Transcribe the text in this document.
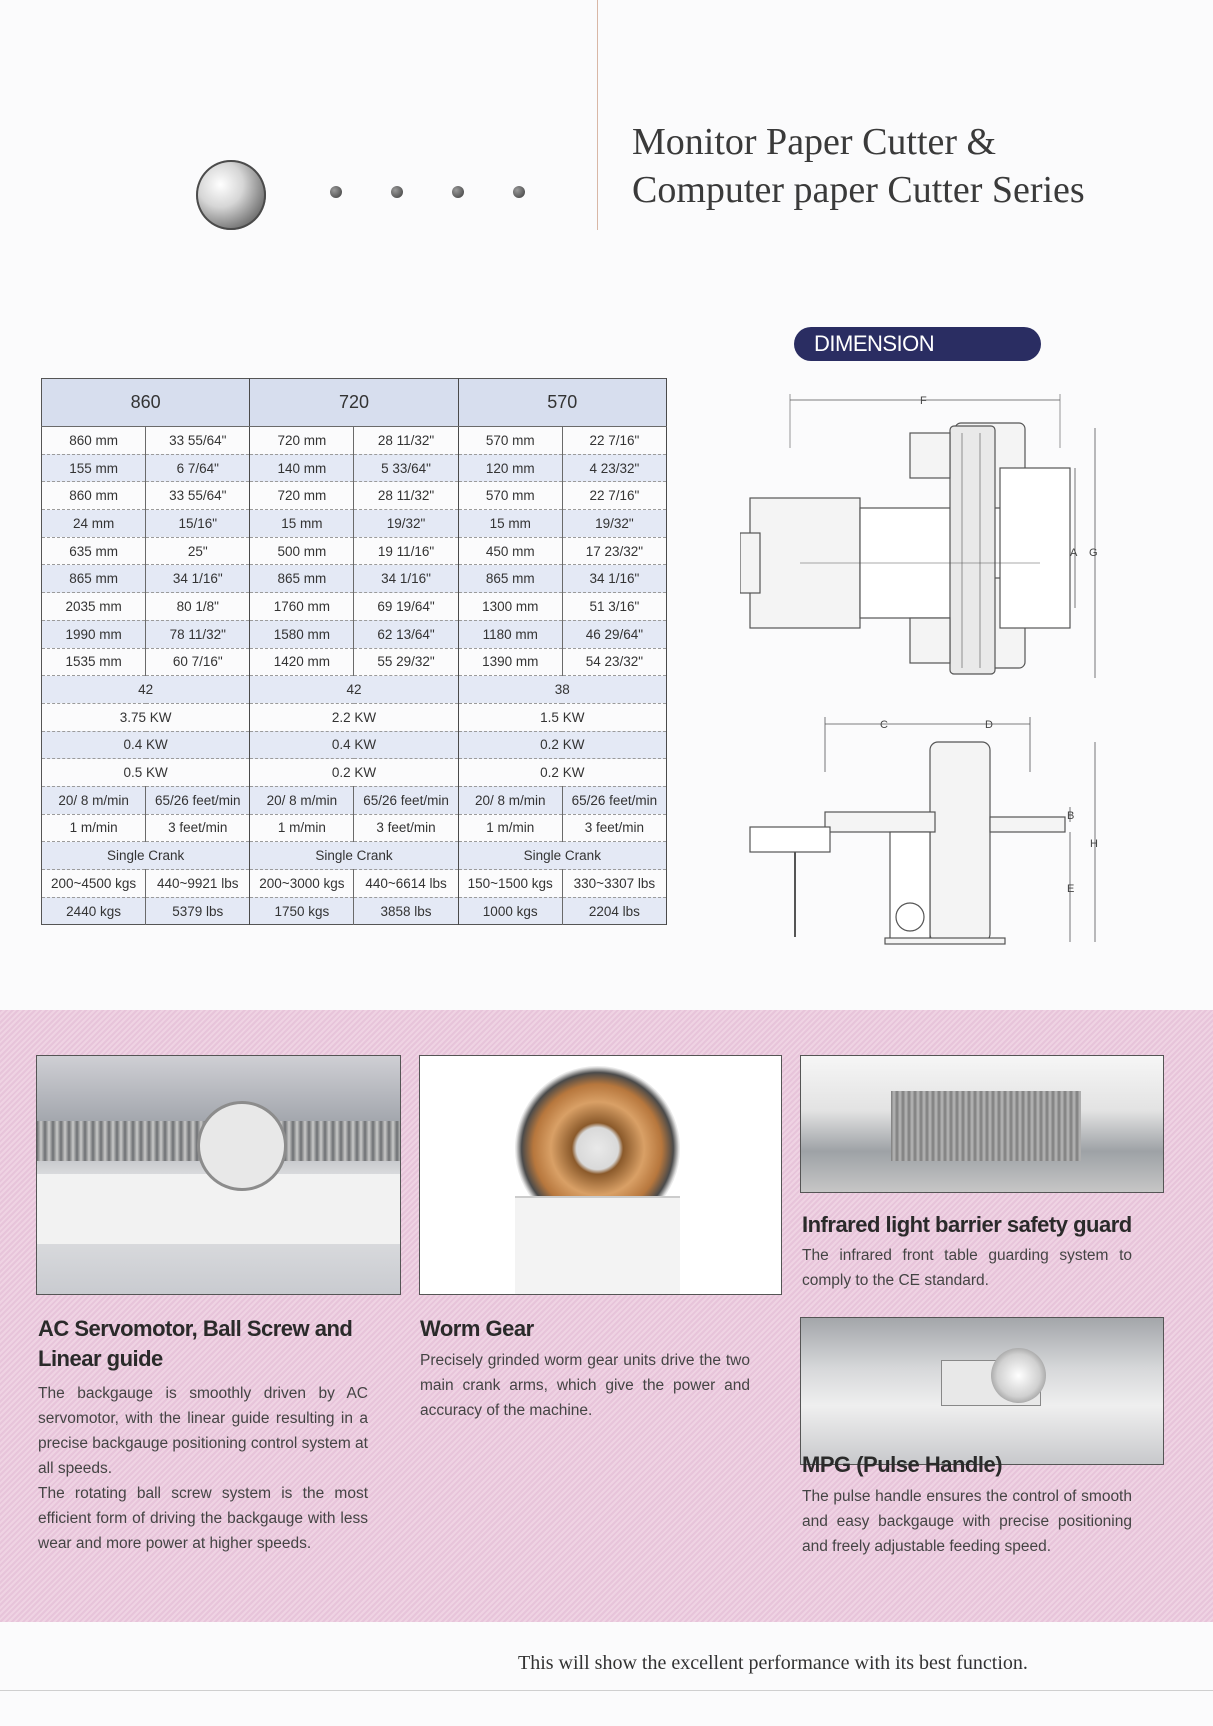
Monitor Paper Cutter &
Computer paper Cutter Series
DIMENSION
860		720		570	
860 mm	33 55/64"	720 mm	28 11/32"	570 mm	22 7/16"
155 mm	6 7/64"	140 mm	5 33/64"	120 mm	4 23/32"
860 mm	33 55/64"	720 mm	28 11/32"	570 mm	22 7/16"
24 mm	15/16"	15 mm	19/32"	15 mm	19/32"
635 mm	25"	500 mm	19 11/16"	450 mm	17 23/32"
865 mm	34 1/16"	865 mm	34 1/16"	865 mm	34 1/16"
2035 mm	80 1/8"	1760 mm	69 19/64"	1300 mm	51 3/16"
1990 mm	78 11/32"	1580 mm	62 13/64"	1180 mm	46 29/64"
1535 mm	60 7/16"	1420 mm	55 29/32"	1390 mm	54 23/32"
42		42		38	
3.75 KW		2.2 KW		1.5 KW	
0.4 KW		0.4 KW		0.2 KW	
0.5 KW		0.2 KW		0.2 KW	
20/ 8 m/min	65/26 feet/min	20/ 8 m/min	65/26 feet/min	20/ 8 m/min	65/26 feet/min
1 m/min	3 feet/min	1 m/min	3 feet/min	1 m/min	3 feet/min
Single Crank		Single Crank		Single Crank	
200~4500 kgs	440~9921 lbs	200~3000 kgs	440~6614 lbs	150~1500 kgs	330~3307 lbs
2440 kgs	5379 lbs	1750 kgs	3858 lbs	1000 kgs	2204 lbs
F
A G
C	D
B
H
E
AC Servomotor, Ball Screw and
Linear guide
The backgauge is smoothly driven by AC servomotor, with the linear guide resulting in a precise backgauge positioning control system at all speeds.
The rotating ball screw system is the most efficient form of driving the backgauge with less wear and more power at higher speeds.
Worm Gear
Precisely grinded worm gear units drive the two main crank arms, which give the power and accuracy of the machine.
Infrared light barrier safety guard
The infrared front table guarding system to comply to the CE standard.
MPG (Pulse Handle)
The pulse handle ensures the control of smooth and easy backgauge with precise positioning and freely adjustable feeding speed.
This will show the excellent performance with its best function.
